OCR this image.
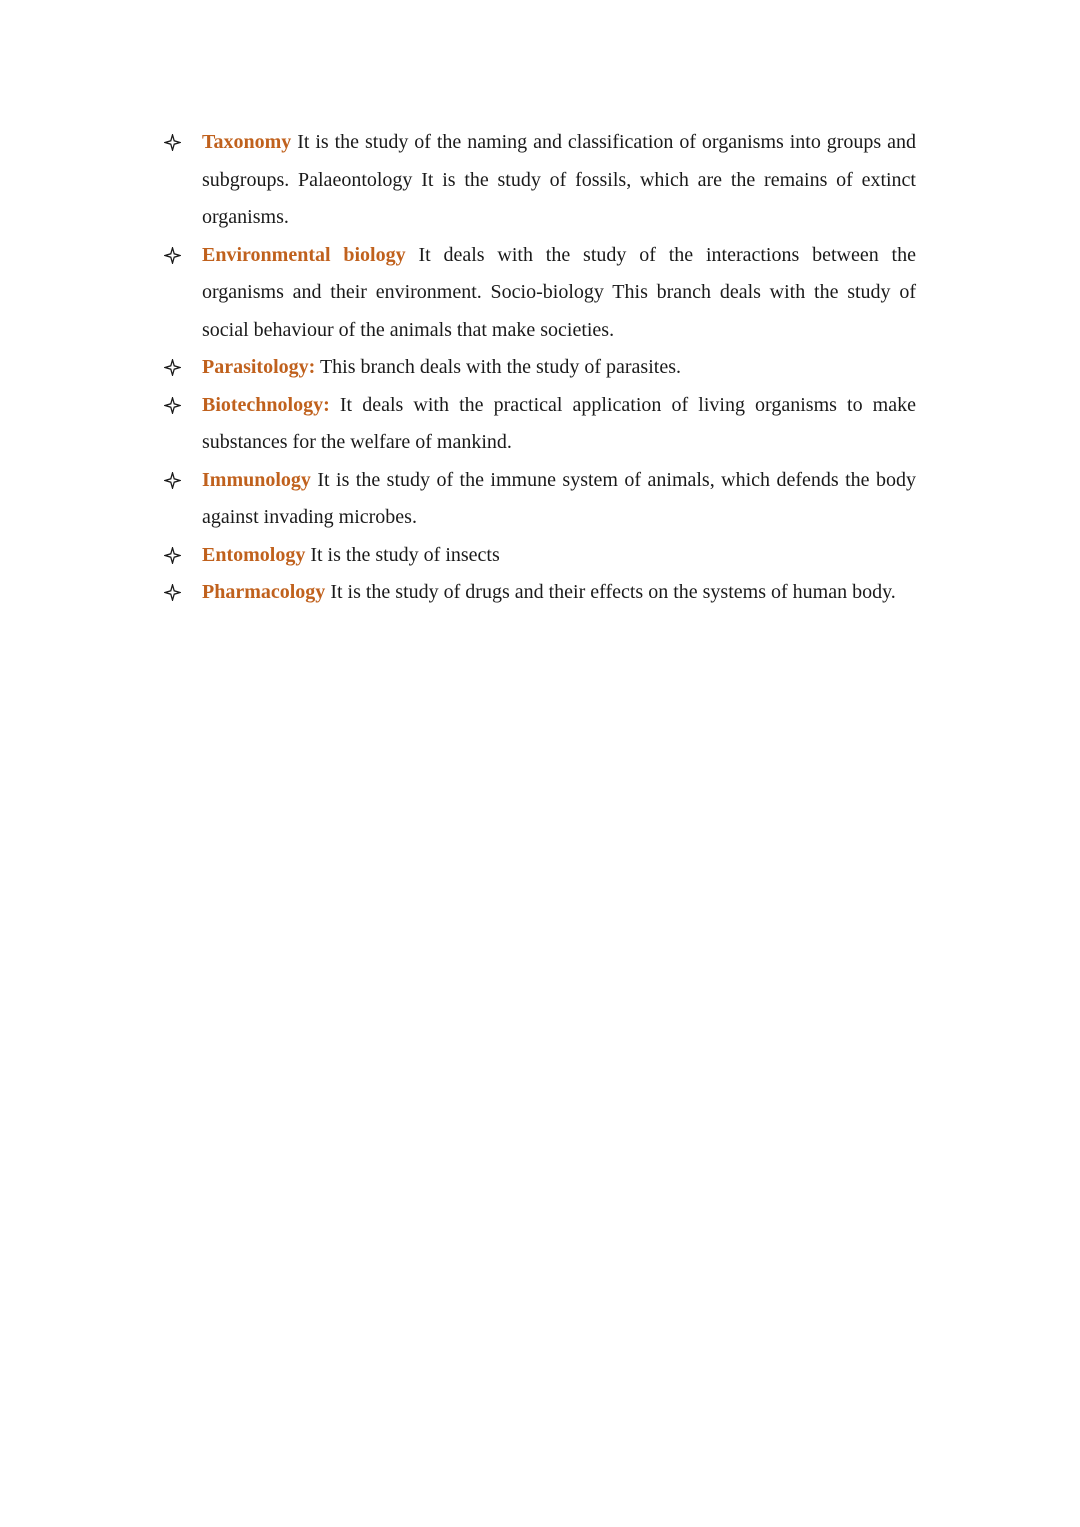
Taxonomy It is the study of the naming and classification of organisms into groups and subgroups. Palaeontology It is the study of fossils, which are the remains of extinct organisms.
Environmental biology It deals with the study of the interactions between the organisms and their environment. Socio-biology This branch deals with the study of social behaviour of the animals that make societies.
Parasitology: This branch deals with the study of parasites.
Biotechnology: It deals with the practical application of living organisms to make substances for the welfare of mankind.
Immunology It is the study of the immune system of animals, which defends the body against invading microbes.
Entomology It is the study of insects
Pharmacology It is the study of drugs and their effects on the systems of human body.
